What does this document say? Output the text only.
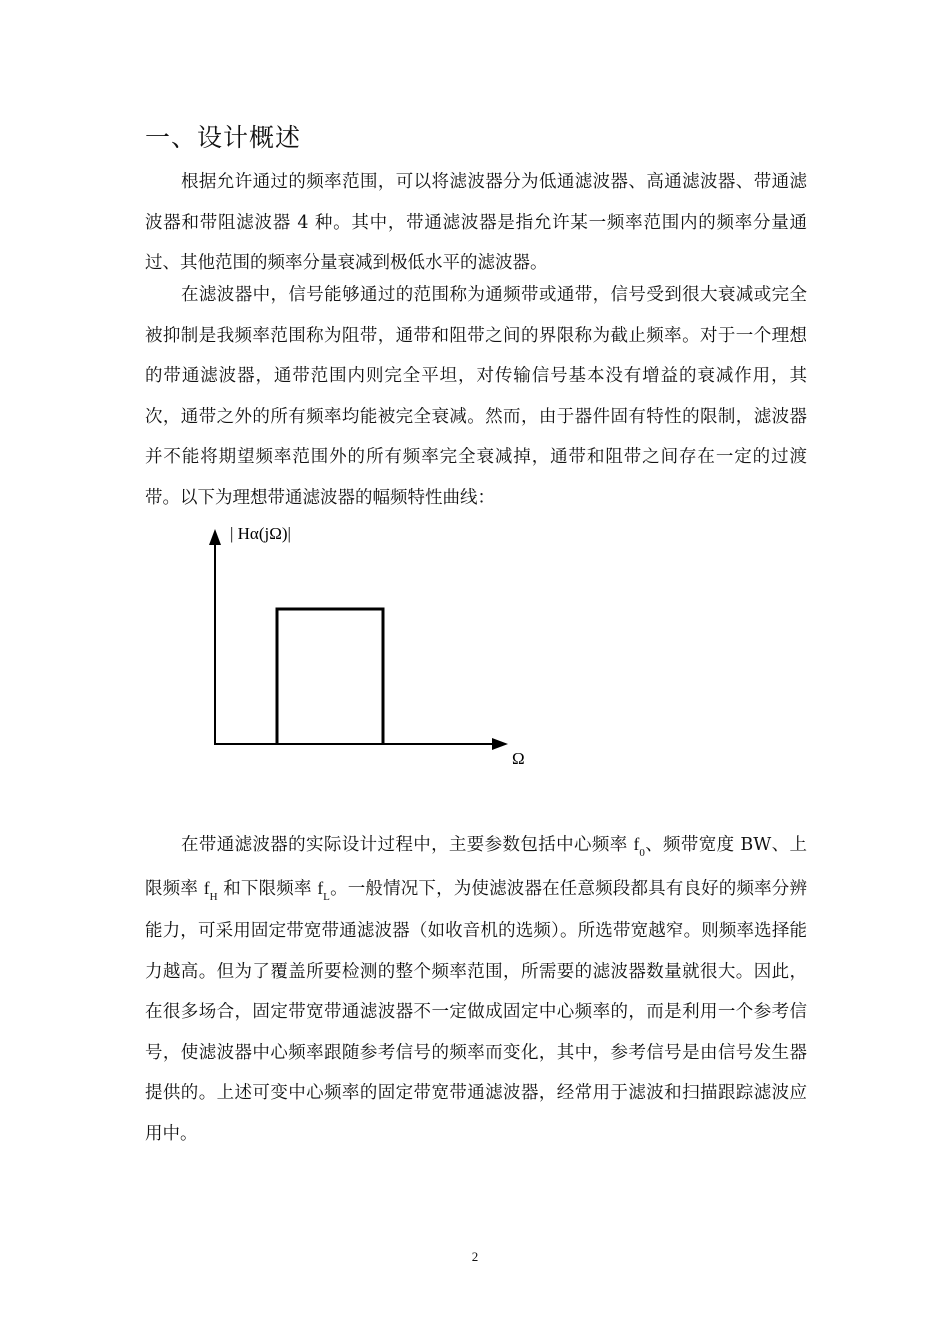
一、设计概述

根据允许通过的频率范围，可以将滤波器分为低通滤波器、高通滤波器、带通滤波器和带阻滤波器 4 种。其中，带通滤波器是指允许某一频率范围内的频率分量通过、其他范围的频率分量衰减到极低水平的滤波器。

在滤波器中，信号能够通过的范围称为通频带或通带，信号受到很大衰减或完全被抑制是我频率范围称为阻带，通带和阻带之间的界限称为截止频率。对于一个理想的带通滤波器，通带范围内则完全平坦，对传输信号基本没有增益的衰减作用，其次，通带之外的所有频率均能被完全衰减。然而，由于器件固有特性的限制，滤波器并不能将期望频率范围外的所有频率完全衰减掉，通带和阻带之间存在一定的过渡带。以下为理想带通滤波器的幅频特性曲线：

| Hα(jΩ)|
Ω

在带通滤波器的实际设计过程中，主要参数包括中心频率 $f_0$、频带宽度 BW、上限频率 $f_H$ 和下限频率 $f_L$。一般情况下，为使滤波器在任意频段都具有良好的频率分辨能力，可采用固定带宽带通滤波器（如收音机的选频）。所选带宽越窄。则频率选择能力越高。但为了覆盖所要检测的整个频率范围，所需要的滤波器数量就很大。因此，在很多场合，固定带宽带通滤波器不一定做成固定中心频率的，而是利用一个参考信号，使滤波器中心频率跟随参考信号的频率而变化，其中，参考信号是由信号发生器提供的。上述可变中心频率的固定带宽带通滤波器，经常用于滤波和扫描跟踪滤波应用中。

2
